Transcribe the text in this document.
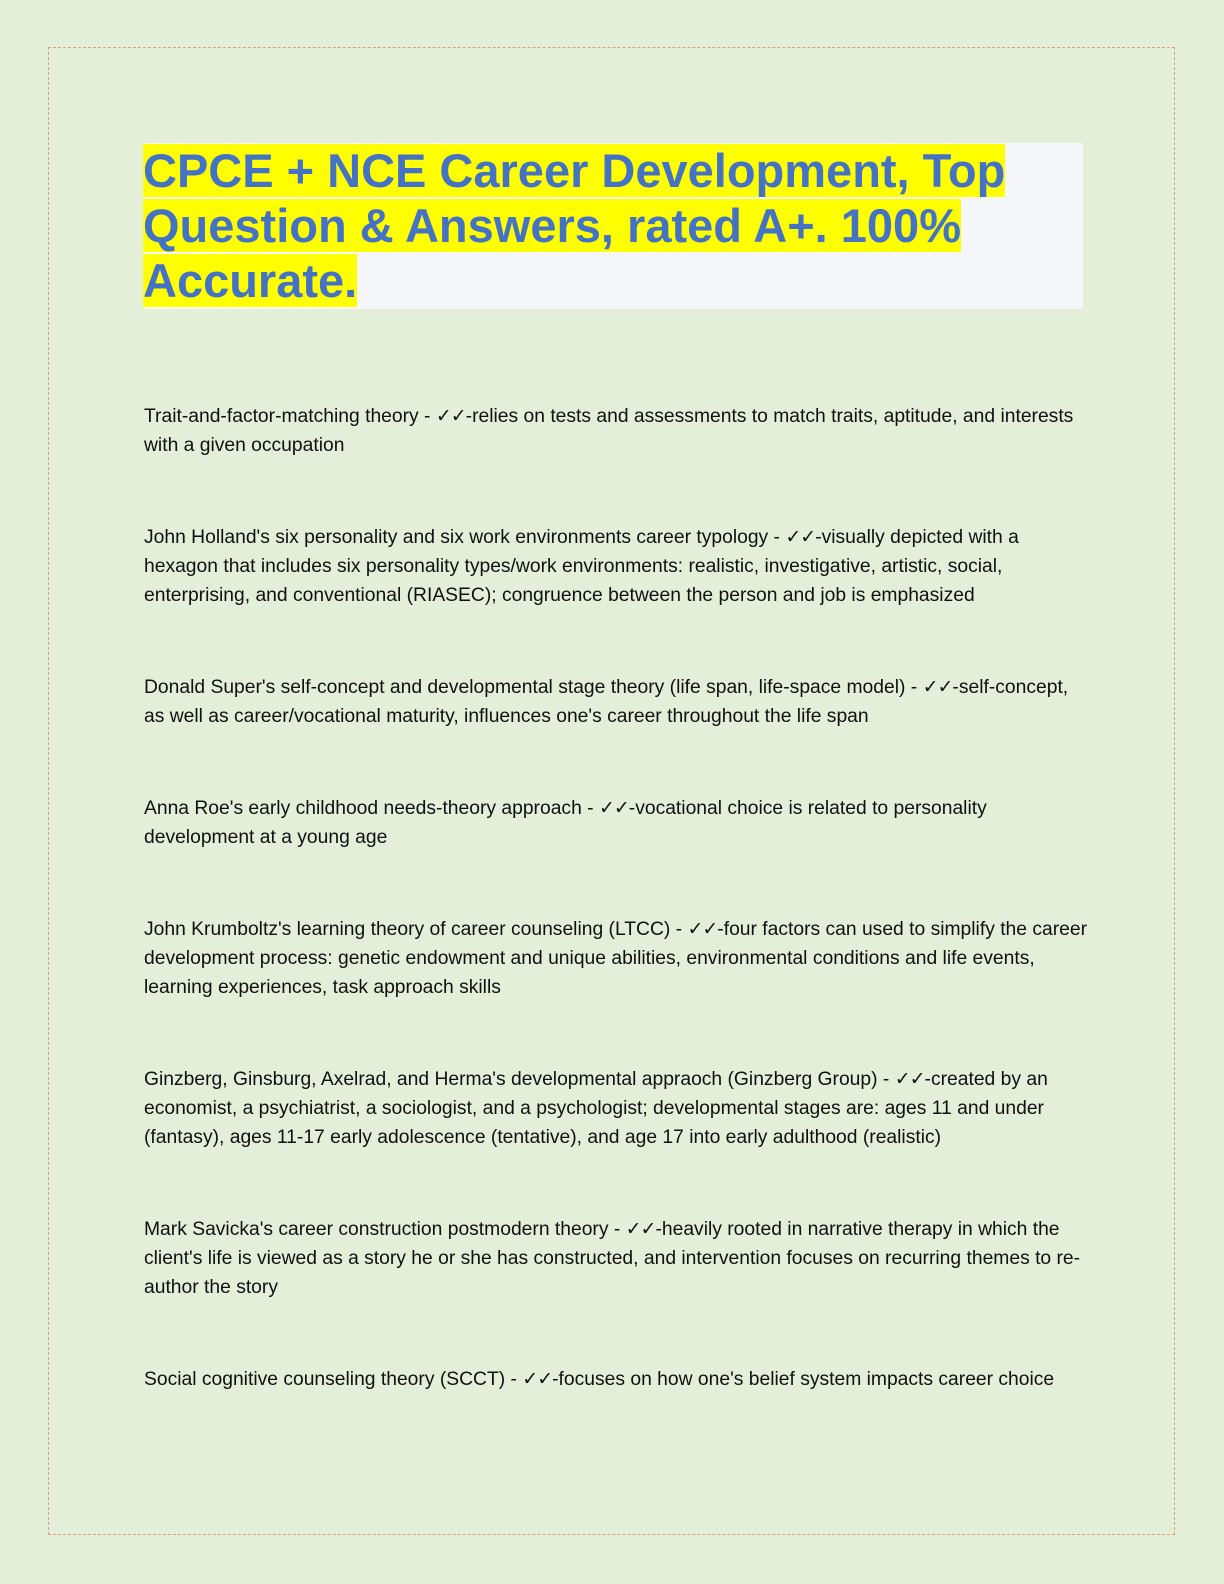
CPCE + NCE Career Development, Top Question & Answers, rated A+. 100% Accurate.

Trait-and-factor-matching theory - ✓✓-relies on tests and assessments to match traits, aptitude, and interests with a given occupation

John Holland's six personality and six work environments career typology - ✓✓-visually depicted with a hexagon that includes six personality types/work environments: realistic, investigative, artistic, social, enterprising, and conventional (RIASEC); congruence between the person and job is emphasized

Donald Super's self-concept and developmental stage theory (life span, life-space model) - ✓✓-self-concept, as well as career/vocational maturity, influences one's career throughout the life span

Anna Roe's early childhood needs-theory approach - ✓✓-vocational choice is related to personality development at a young age

John Krumboltz's learning theory of career counseling (LTCC) - ✓✓-four factors can used to simplify the career development process: genetic endowment and unique abilities, environmental conditions and life events, learning experiences, task approach skills

Ginzberg, Ginsburg, Axelrad, and Herma's developmental appraoch (Ginzberg Group) - ✓✓-created by an economist, a psychiatrist, a sociologist, and a psychologist; developmental stages are: ages 11 and under (fantasy), ages 11-17 early adolescence (tentative), and age 17 into early adulthood (realistic)

Mark Savicka's career construction postmodern theory - ✓✓-heavily rooted in narrative therapy in which the client's life is viewed as a story he or she has constructed, and intervention focuses on recurring themes to re-author the story

Social cognitive counseling theory (SCCT) - ✓✓-focuses on how one's belief system impacts career choice
